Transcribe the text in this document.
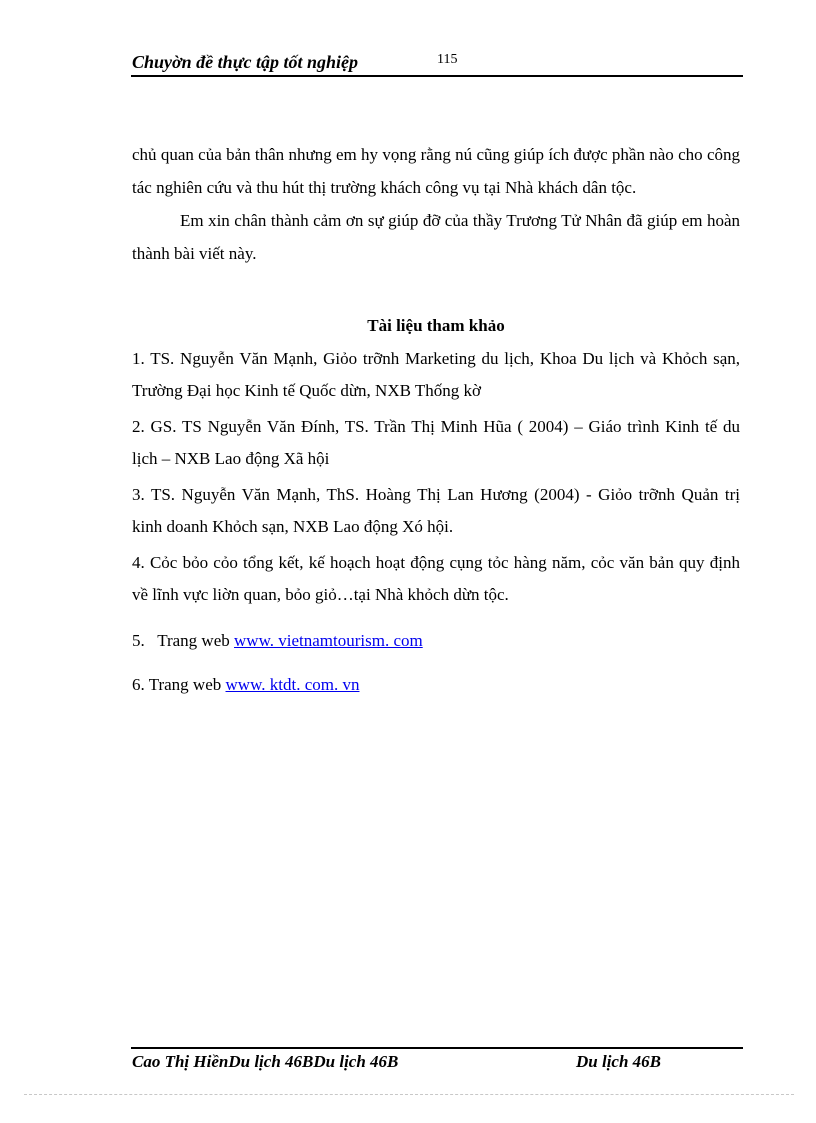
Chuyờn đề thực tập tốt nghiệp	115

chủ quan của bản thân nhưng em hy vọng rằng nú cũng giúp ích được phần nào cho công tác nghiên cứu và thu hút thị trường khách công vụ tại Nhà khách dân tộc.

Em xin chân thành cảm ơn sự giúp đỡ của thầy Trương Tử Nhân đã giúp em hoàn thành bài viết này.

Tài liệu tham khảo

1. TS. Nguyễn Văn Mạnh, Giỏo trỡnh Marketing du lịch, Khoa Du lịch và Khỏch sạn, Trường Đại học Kinh tế Quốc dừn, NXB Thống kờ

2. GS. TS Nguyễn Văn Đính, TS. Trần Thị Minh Hũa ( 2004) – Giáo trình Kinh tế du lịch – NXB Lao động Xã hội

3. TS. Nguyễn Văn Mạnh, ThS. Hoàng Thị Lan Hương (2004) - Giỏo trỡnh Quản trị kinh doanh Khỏch sạn, NXB Lao động Xó hội.

4. Cỏc bỏo cỏo tổng kết, kế hoạch hoạt động cụng tỏc hàng năm, cỏc văn bản quy định về lĩnh vực liờn quan, bỏo giỏ…tại Nhà khỏch dừn tộc.

5.   Trang web www. vietnamtourism. com
6. Trang web www. ktdt. com. vn
Cao Thị HiềnDu lịch 46BDu lịch 46B	Du lịch 46B
